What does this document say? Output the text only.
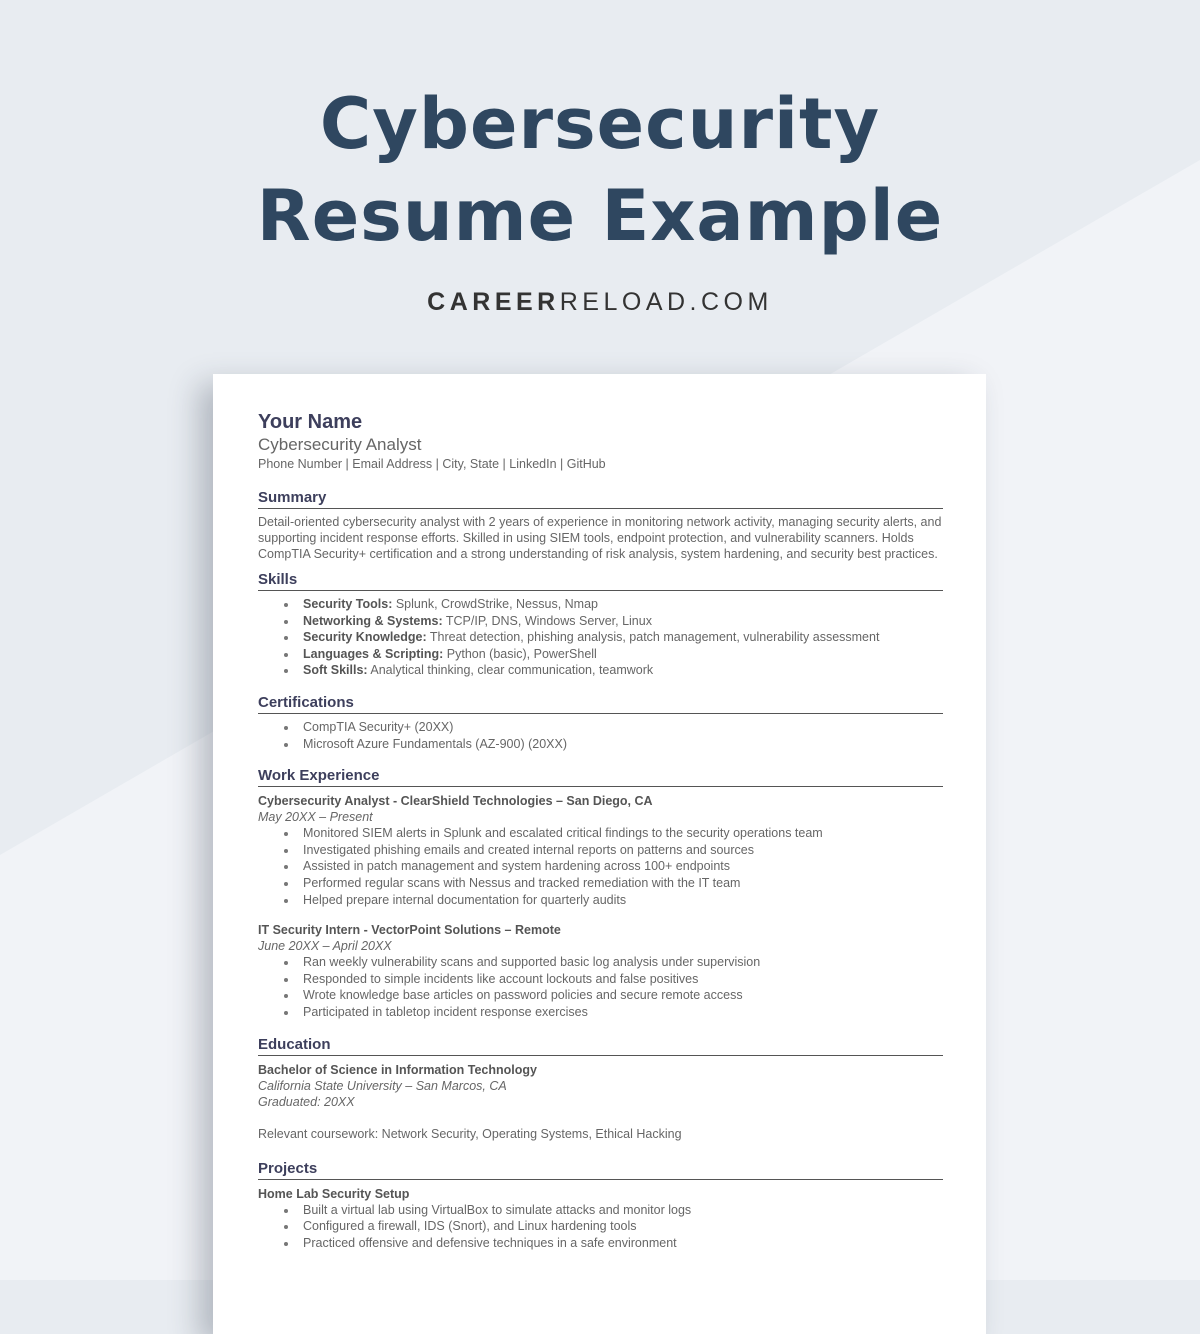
Cybersecurity
Resume Example
CAREERRELOAD.COM
Your Name
Cybersecurity Analyst
Phone Number | Email Address | City, State | LinkedIn | GitHub
Summary
Detail-oriented cybersecurity analyst with 2 years of experience in monitoring network activity, managing security alerts, and supporting incident response efforts. Skilled in using SIEM tools, endpoint protection, and vulnerability scanners. Holds CompTIA Security+ certification and a strong understanding of risk analysis, system hardening, and security best practices.
Skills
Security Tools: Splunk, CrowdStrike, Nessus, Nmap
Networking & Systems: TCP/IP, DNS, Windows Server, Linux
Security Knowledge: Threat detection, phishing analysis, patch management, vulnerability assessment
Languages & Scripting: Python (basic), PowerShell
Soft Skills: Analytical thinking, clear communication, teamwork
Certifications
CompTIA Security+ (20XX)
Microsoft Azure Fundamentals (AZ-900) (20XX)
Work Experience
Cybersecurity Analyst - ClearShield Technologies – San Diego, CA
May 20XX – Present
Monitored SIEM alerts in Splunk and escalated critical findings to the security operations team
Investigated phishing emails and created internal reports on patterns and sources
Assisted in patch management and system hardening across 100+ endpoints
Performed regular scans with Nessus and tracked remediation with the IT team
Helped prepare internal documentation for quarterly audits
IT Security Intern - VectorPoint Solutions – Remote
June 20XX – April 20XX
Ran weekly vulnerability scans and supported basic log analysis under supervision
Responded to simple incidents like account lockouts and false positives
Wrote knowledge base articles on password policies and secure remote access
Participated in tabletop incident response exercises
Education
Bachelor of Science in Information Technology
California State University – San Marcos, CA
Graduated: 20XX
Relevant coursework: Network Security, Operating Systems, Ethical Hacking
Projects
Home Lab Security Setup
Built a virtual lab using VirtualBox to simulate attacks and monitor logs
Configured a firewall, IDS (Snort), and Linux hardening tools
Practiced offensive and defensive techniques in a safe environment
